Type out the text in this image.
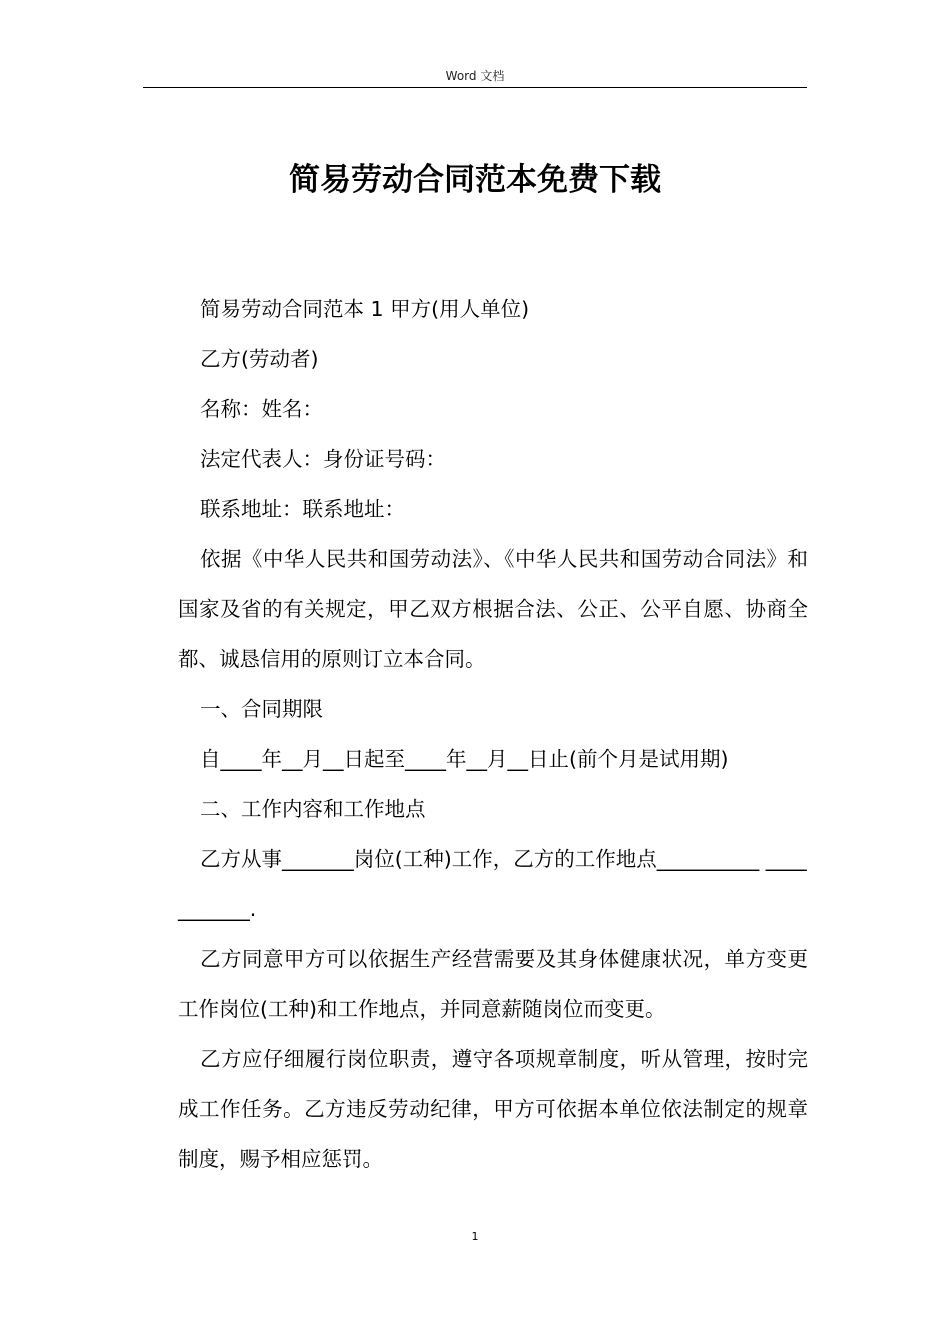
Word 文档
简易劳动合同范本免费下载

简易劳动合同范本 1 甲方(用人单位)

乙方(劳动者)

名称：姓名：

法定代表人：身份证号码：

联系地址：联系地址：

依据《中华人民共和国劳动法》、《中华人民共和国劳动合同法》和国家及省的有关规定，甲乙双方根据合法、公正、公平自愿、协商全都、诚恳信用的原则订立本合同。

一、合同期限

自____年__月__日起至____年__月__日止(前个月是试用期)

二、工作内容和工作地点

乙方从事_______岗位(工种)工作，乙方的工作地点__________ ___________.

乙方同意甲方可以依据生产经营需要及其身体健康状况，单方变更工作岗位(工种)和工作地点，并同意薪随岗位而变更。

乙方应仔细履行岗位职责，遵守各项规章制度，听从管理，按时完成工作任务。乙方违反劳动纪律，甲方可依据本单位依法制定的规章制度，赐予相应惩罚。

1
